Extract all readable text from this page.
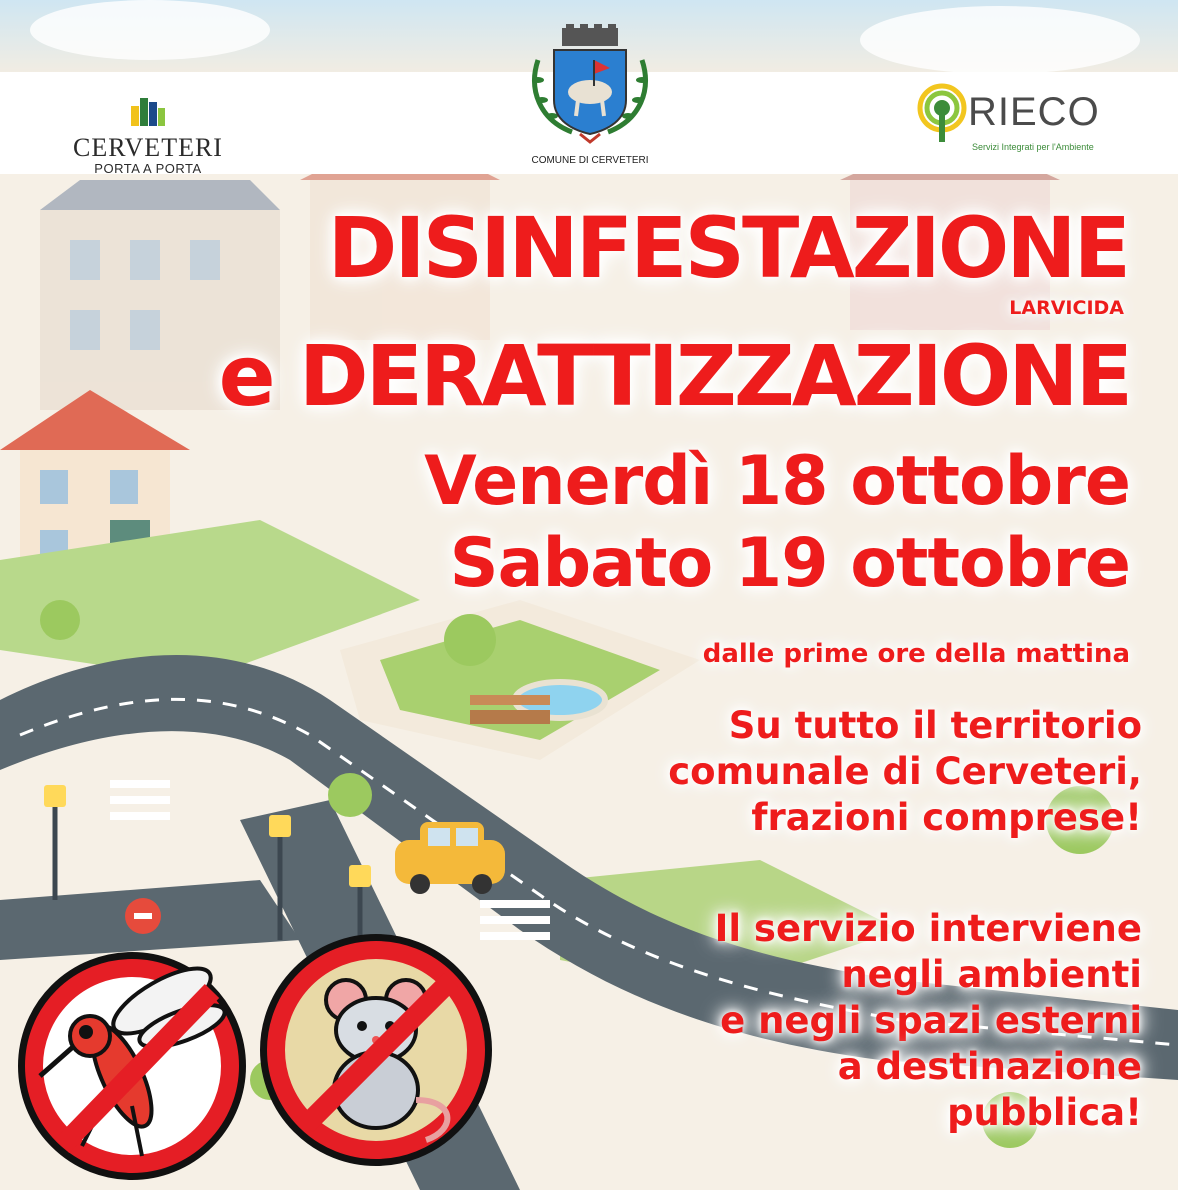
CERVETERI
PORTA A PORTA
COMUNE DI CERVETERI
RIECO
Servizi Integrati per l'Ambiente
DISINFESTAZIONE
LARVICIDA
e DERATTIZZAZIONE
Venerdì 18 ottobre
Sabato 19 ottobre
dalle prime ore della mattina
Su tutto il territorio
comunale di Cerveteri,
frazioni comprese!
Il servizio interviene
negli ambienti
e negli spazi esterni
a destinazione
pubblica!
